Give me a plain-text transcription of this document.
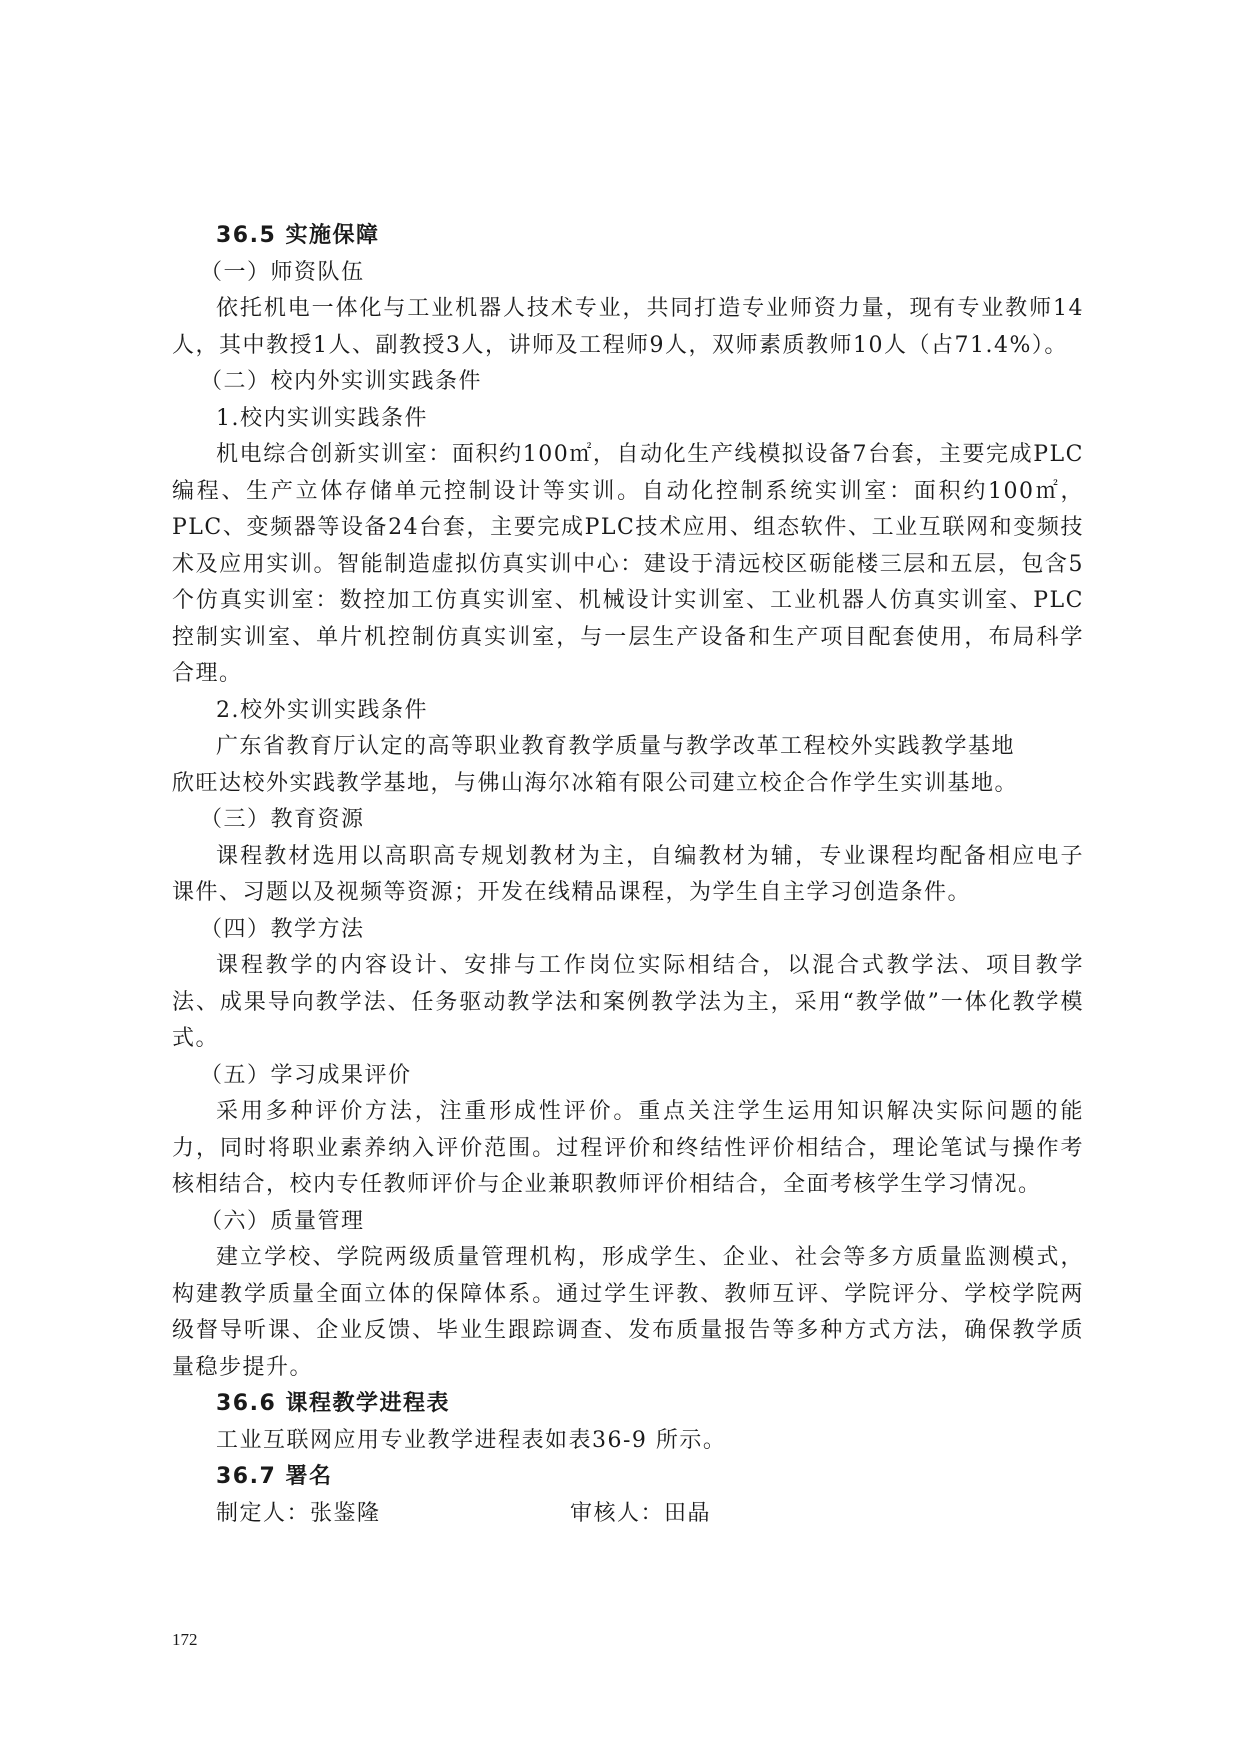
36.5 实施保障
（一）师资队伍
依托机电一体化与工业机器人技术专业，共同打造专业师资力量，现有专业教师14人，其中教授1人、副教授3人，讲师及工程师9人，双师素质教师10人（占71.4%）。
（二）校内外实训实践条件
1.校内实训实践条件
机电综合创新实训室：面积约100㎡，自动化生产线模拟设备7台套，主要完成PLC编程、生产立体存储单元控制设计等实训。自动化控制系统实训室：面积约100㎡，PLC、变频器等设备24台套，主要完成PLC技术应用、组态软件、工业互联网和变频技术及应用实训。智能制造虚拟仿真实训中心：建设于清远校区砺能楼三层和五层，包含5个仿真实训室：数控加工仿真实训室、机械设计实训室、工业机器人仿真实训室、PLC控制实训室、单片机控制仿真实训室，与一层生产设备和生产项目配套使用，布局科学合理。
2.校外实训实践条件
广东省教育厅认定的高等职业教育教学质量与教学改革工程校外实践教学基地
欣旺达校外实践教学基地，与佛山海尔冰箱有限公司建立校企合作学生实训基地。
（三）教育资源
课程教材选用以高职高专规划教材为主，自编教材为辅，专业课程均配备相应电子课件、习题以及视频等资源；开发在线精品课程，为学生自主学习创造条件。
（四）教学方法
课程教学的内容设计、安排与工作岗位实际相结合，以混合式教学法、项目教学法、成果导向教学法、任务驱动教学法和案例教学法为主，采用“教学做”一体化教学模式。
（五）学习成果评价
采用多种评价方法，注重形成性评价。重点关注学生运用知识解决实际问题的能力，同时将职业素养纳入评价范围。过程评价和终结性评价相结合，理论笔试与操作考核相结合，校内专任教师评价与企业兼职教师评价相结合，全面考核学生学习情况。
（六）质量管理
建立学校、学院两级质量管理机构，形成学生、企业、社会等多方质量监测模式，构建教学质量全面立体的保障体系。通过学生评教、教师互评、学院评分、学校学院两级督导听课、企业反馈、毕业生跟踪调查、发布质量报告等多种方式方法，确保教学质量稳步提升。
36.6 课程教学进程表
工业互联网应用专业教学进程表如表36-9 所示。
36.7 署名
制定人：张鉴隆	审核人：田晶
172
